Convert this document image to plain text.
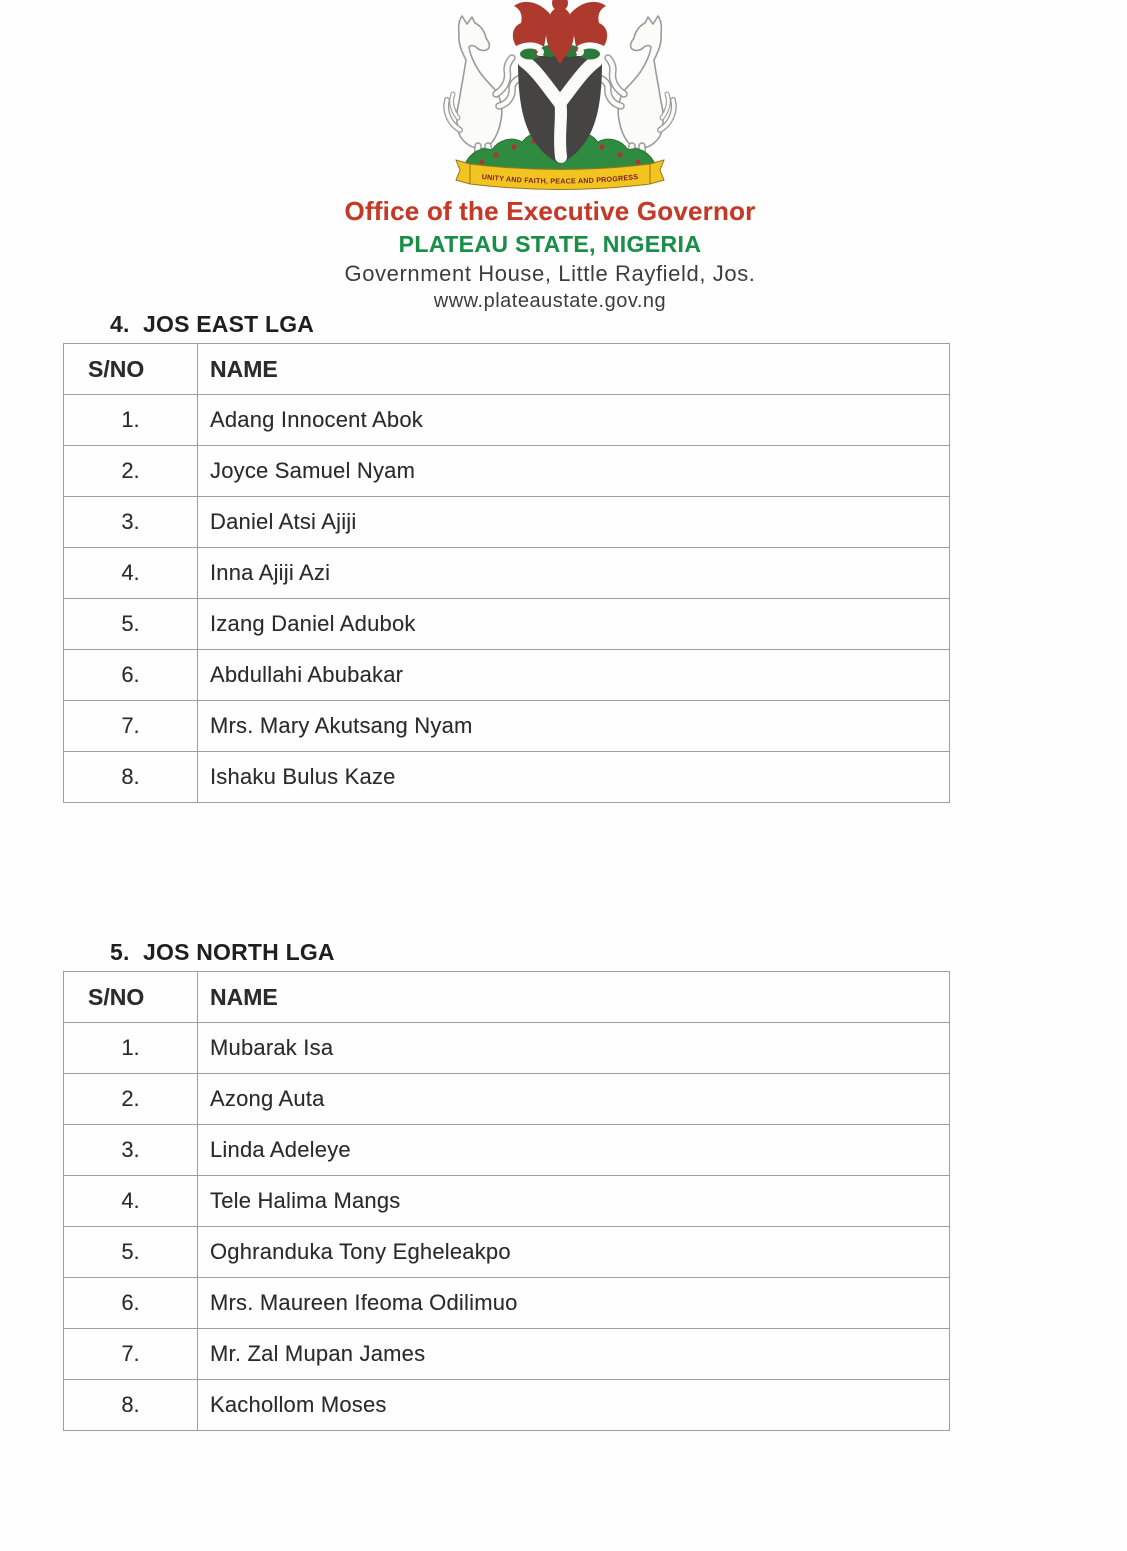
UNITY AND FAITH, PEACE AND PROGRESS
Office of the Executive Governor
PLATEAU STATE, NIGERIA
Government House, Little Rayfield, Jos.
www.plateaustate.gov.ng
4. JOS EAST LGA
S/NO	NAME
1.	Adang Innocent Abok
2.	Joyce Samuel Nyam
3.	Daniel Atsi Ajiji
4.	Inna Ajiji Azi
5.	Izang Daniel Adubok
6.	Abdullahi Abubakar
7.	Mrs. Mary Akutsang Nyam
8.	Ishaku Bulus Kaze
5. JOS NORTH LGA
S/NO	NAME
1.	Mubarak Isa
2.	Azong Auta
3.	Linda Adeleye
4.	Tele Halima Mangs
5.	Oghranduka Tony Egheleakpo
6.	Mrs. Maureen Ifeoma Odilimuo
7.	Mr. Zal Mupan James
8.	Kachollom Moses
